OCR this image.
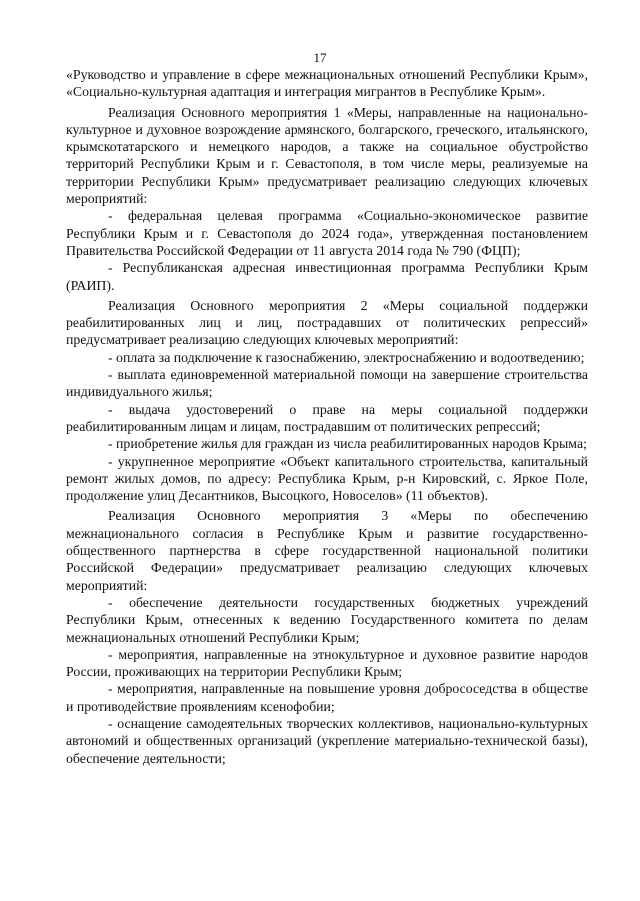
17

«Руководство и управление в сфере межнациональных отношений Республики Крым», «Социально-культурная адаптация и интеграция мигрантов в Республике Крым».

Реализация Основного мероприятия 1 «Меры, направленные на национально-культурное и духовное возрождение армянского, болгарского, греческого, итальянского, крымскотатарского и немецкого народов, а также на социальное обустройство территорий Республики Крым и г. Севастополя, в том числе меры, реализуемые на территории Республики Крым» предусматривает реализацию следующих ключевых мероприятий:

- федеральная целевая программа «Социально-экономическое развитие Республики Крым и г. Севастополя до 2024 года», утвержденная постановлением Правительства Российской Федерации от 11 августа 2014 года № 790 (ФЦП);

- Республиканская адресная инвестиционная программа Республики Крым (РАИП).

Реализация Основного мероприятия 2 «Меры социальной поддержки реабилитированных лиц и лиц, пострадавших от политических репрессий» предусматривает реализацию следующих ключевых мероприятий:

- оплата за подключение к газоснабжению, электроснабжению и водоотведению;

- выплата единовременной материальной помощи на завершение строительства индивидуального жилья;

- выдача удостоверений о праве на меры социальной поддержки реабилитированным лицам и лицам, пострадавшим от политических репрессий;

- приобретение жилья для граждан из числа реабилитированных народов Крыма;

- укрупненное мероприятие «Объект капитального строительства, капитальный ремонт жилых домов, по адресу: Республика Крым, р-н Кировский, с. Яркое Поле, продолжение улиц Десантников, Высоцкого, Новоселов» (11 объектов).

Реализация Основного мероприятия 3 «Меры по обеспечению межнационального согласия в Республике Крым и развитие государственно-общественного партнерства в сфере государственной национальной политики Российской Федерации» предусматривает реализацию следующих ключевых мероприятий:

- обеспечение деятельности государственных бюджетных учреждений Республики Крым, отнесенных к ведению Государственного комитета по делам межнациональных отношений Республики Крым;

- мероприятия, направленные на этнокультурное и духовное развитие народов России, проживающих на территории Республики Крым;

- мероприятия, направленные на повышение уровня добрососедства в обществе и противодействие проявлениям ксенофобии;

- оснащение самодеятельных творческих коллективов, национально-культурных автономий и общественных организаций (укрепление материально-технической базы), обеспечение деятельности;
